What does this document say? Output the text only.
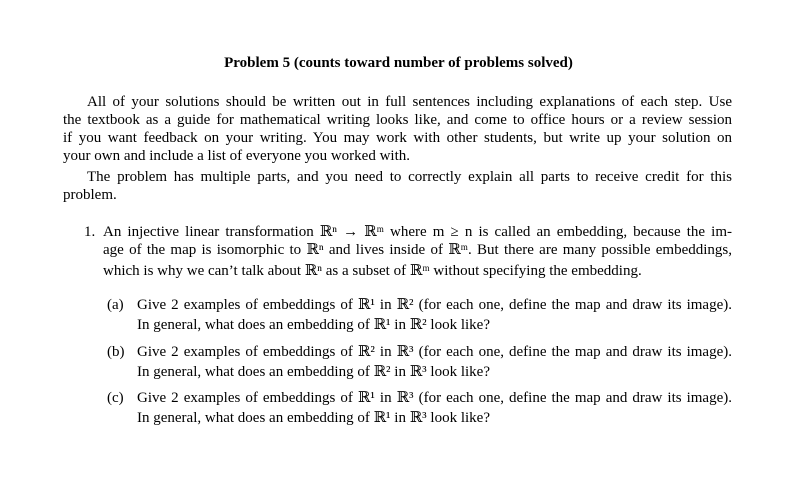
Problem 5 (counts toward number of problems solved)
All of your solutions should be written out in full sentences including explanations of each step. Use
the textbook as a guide for mathematical writing looks like, and come to office hours or a review session
if you want feedback on your writing. You may work with other students, but write up your solution on
your own and include a list of everyone you worked with.
The problem has multiple parts, and you need to correctly explain all parts to receive credit for this
problem.
1. An injective linear transformation ℝⁿ → ℝᵐ where m ≥ n is called an embedding, because the im-
age of the map is isomorphic to ℝⁿ and lives inside of ℝᵐ. But there are many possible embeddings,
which is why we can’t talk about ℝⁿ as a subset of ℝᵐ without specifying the embedding.
(a) Give 2 examples of embeddings of ℝ¹ in ℝ² (for each one, define the map and draw its image).
In general, what does an embedding of ℝ¹ in ℝ² look like?
(b) Give 2 examples of embeddings of ℝ² in ℝ³ (for each one, define the map and draw its image).
In general, what does an embedding of ℝ² in ℝ³ look like?
(c) Give 2 examples of embeddings of ℝ¹ in ℝ³ (for each one, define the map and draw its image).
In general, what does an embedding of ℝ¹ in ℝ³ look like?
